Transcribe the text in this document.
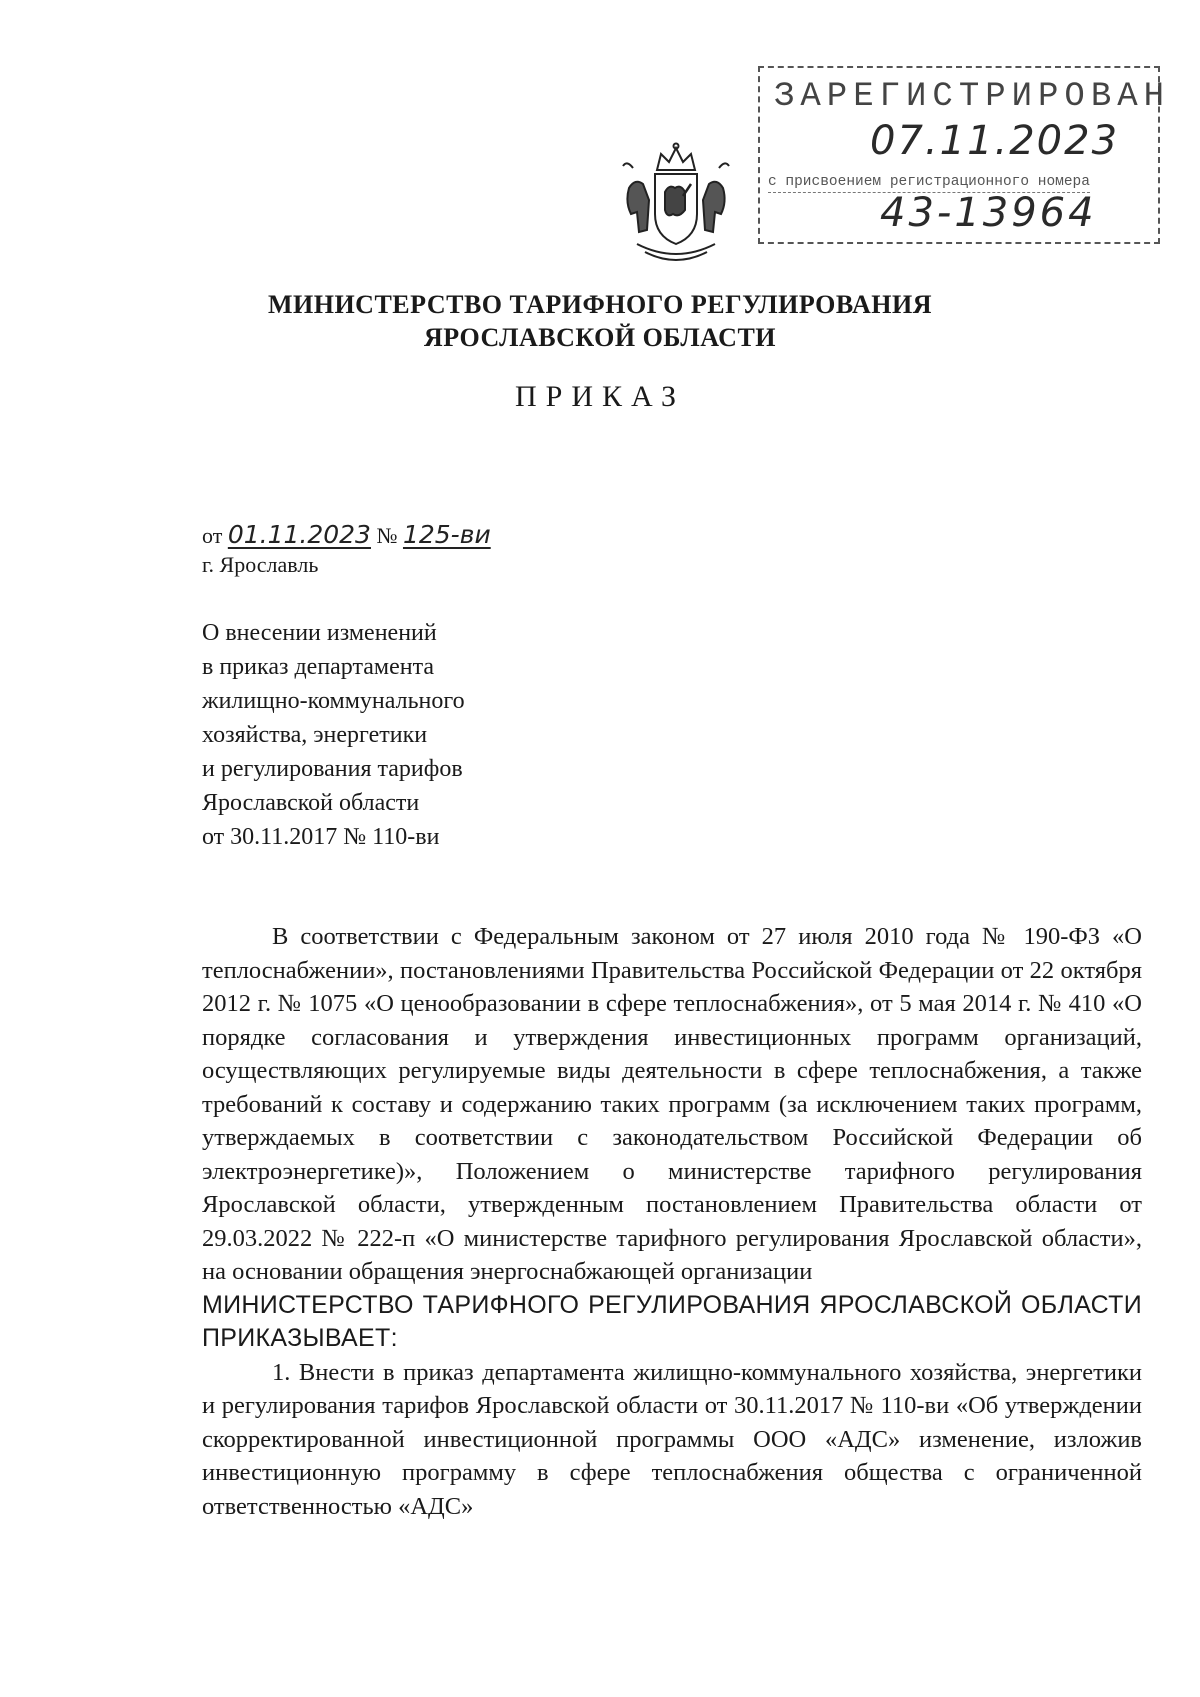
ЗАРЕГИСТРИРОВАН
07.11.2023
с присвоением регистрационного номера
43-13964
МИНИСТЕРСТВО ТАРИФНОГО РЕГУЛИРОВАНИЯ
ЯРОСЛАВСКОЙ ОБЛАСТИ
ПРИКАЗ
от 01.11.2023 № 125-ви
г. Ярославль
О внесении изменений
в приказ департамента
жилищно-коммунального
хозяйства, энергетики
и регулирования тарифов
Ярославской области
от 30.11.2017 № 110-ви

В соответствии с Федеральным законом от 27 июля 2010 года № 190-ФЗ «О теплоснабжении», постановлениями Правительства Российской Федерации от 22 октября 2012 г. № 1075 «О ценообразовании в сфере теплоснабжения», от 5 мая 2014 г. № 410 «О порядке согласования и утверждения инвестиционных программ организаций, осуществляющих регулируемые виды деятельности в сфере теплоснабжения, а также требований к составу и содержанию таких программ (за исключением таких программ, утверждаемых в соответствии с законодательством Российской Федерации об электроэнергетике)», Положением о министерстве тарифного регулирования Ярославской области, утвержденным постановлением Правительства области от 29.03.2022 № 222-п «О министерстве тарифного регулирования Ярославской области», на основании обращения энергоснабжающей организации

МИНИСТЕРСТВО ТАРИФНОГО РЕГУЛИРОВАНИЯ ЯРОСЛАВСКОЙ ОБЛАСТИ ПРИКАЗЫВАЕТ:

1. Внести в приказ департамента жилищно-коммунального хозяйства, энергетики и регулирования тарифов Ярославской области от 30.11.2017 № 110-ви «Об утверждении скорректированной инвестиционной программы ООО «АДС» изменение, изложив инвестиционную программу в сфере теплоснабжения общества с ограниченной ответственностью «АДС»
